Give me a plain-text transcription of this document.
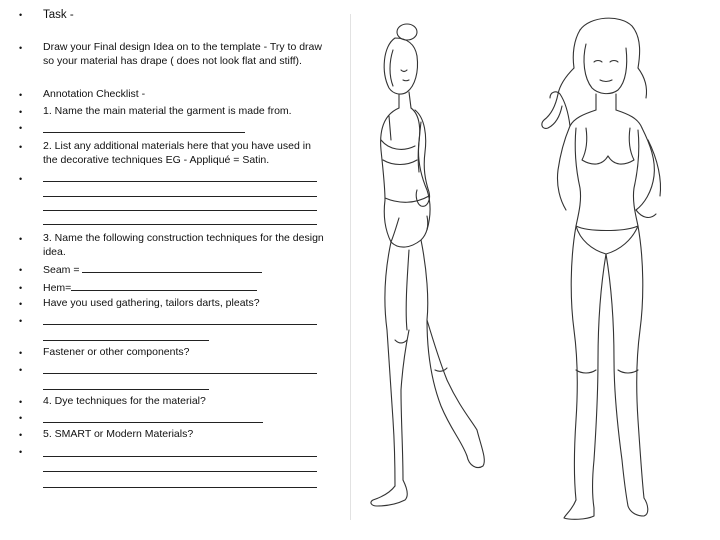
•
•
•
•
•
•
•
•
•
•
•
•
•
•
•
•
•
•
Task -
Draw your Final design Idea on to the template - Try to draw so your material has drape ( does not look flat and stiff).
Annotation Checklist -
1. Name the main material the garment is made from.
2. List any additional materials here that you have used in the decorative techniques EG - Appliqué = Satin.
3. Name the following construction techniques for the design idea.
Seam =
Hem=
Have you used gathering, tailors darts, pleats?
Fastener or other components?
4. Dye techniques for the material?
5. SMART or Modern Materials?
